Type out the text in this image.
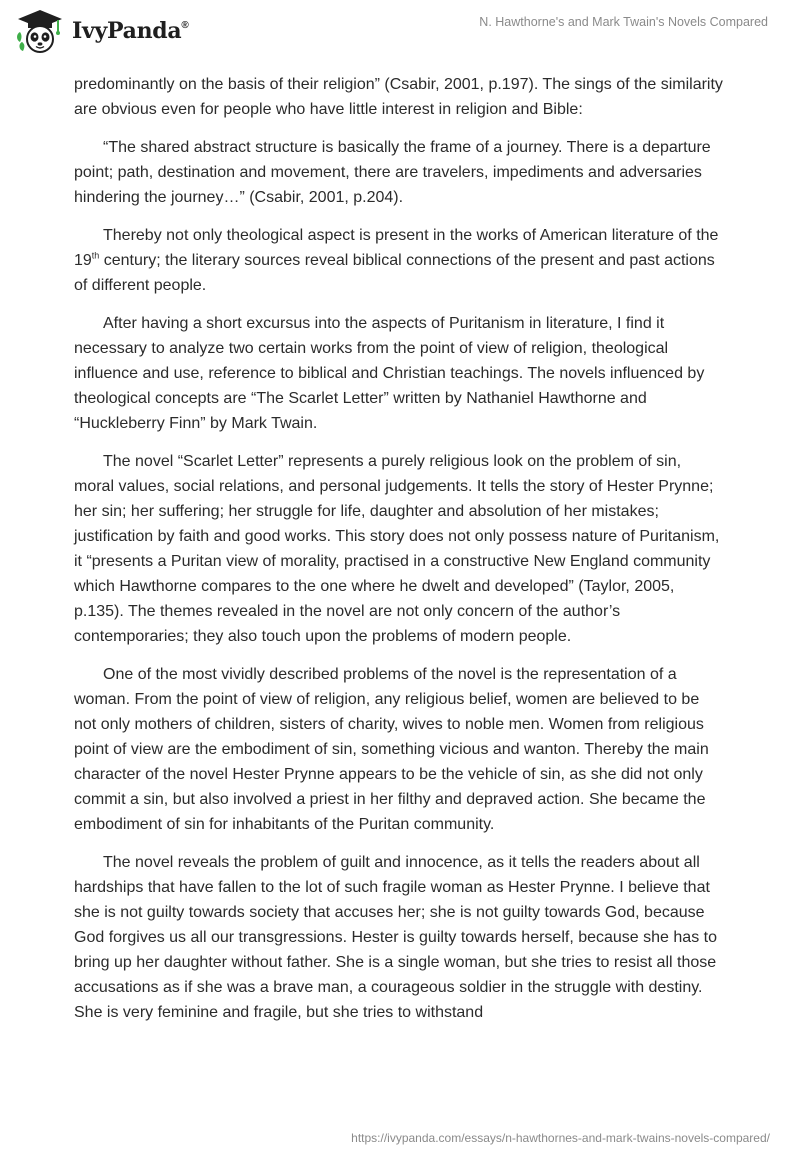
IvyPanda®	N. Hawthorne's and Mark Twain's Novels Compared

predominantly on the basis of their religion” (Csabir, 2001, p.197). The sings of the similarity are obvious even for people who have little interest in religion and Bible:

“The shared abstract structure is basically the frame of a journey. There is a departure point; path, destination and movement, there are travelers, impediments and adversaries hindering the journey…” (Csabir, 2001, p.204).

Thereby not only theological aspect is present in the works of American literature of the 19th century; the literary sources reveal biblical connections of the present and past actions of different people.

After having a short excursus into the aspects of Puritanism in literature, I find it necessary to analyze two certain works from the point of view of religion, theological influence and use, reference to biblical and Christian teachings. The novels influenced by theological concepts are “The Scarlet Letter” written by Nathaniel Hawthorne and “Huckleberry Finn” by Mark Twain.

The novel “Scarlet Letter” represents a purely religious look on the problem of sin, moral values, social relations, and personal judgements. It tells the story of Hester Prynne; her sin; her suffering; her struggle for life, daughter and absolution of her mistakes; justification by faith and good works. This story does not only possess nature of Puritanism, it “presents a Puritan view of morality, practised in a constructive New England community which Hawthorne compares to the one where he dwelt and developed” (Taylor, 2005, p.135). The themes revealed in the novel are not only concern of the author’s contemporaries; they also touch upon the problems of modern people.

One of the most vividly described problems of the novel is the representation of a woman. From the point of view of religion, any religious belief, women are believed to be not only mothers of children, sisters of charity, wives to noble men. Women from religious point of view are the embodiment of sin, something vicious and wanton. Thereby the main character of the novel Hester Prynne appears to be the vehicle of sin, as she did not only commit a sin, but also involved a priest in her filthy and depraved action. She became the embodiment of sin for inhabitants of the Puritan community.

The novel reveals the problem of guilt and innocence, as it tells the readers about all hardships that have fallen to the lot of such fragile woman as Hester Prynne. I believe that she is not guilty towards society that accuses her; she is not guilty towards God, because God forgives us all our transgressions. Hester is guilty towards herself, because she has to bring up her daughter without father. She is a single woman, but she tries to resist all those accusations as if she was a brave man, a courageous soldier in the struggle with destiny. She is very feminine and fragile, but she tries to withstand

https://ivypanda.com/essays/n-hawthornes-and-mark-twains-novels-compared/
